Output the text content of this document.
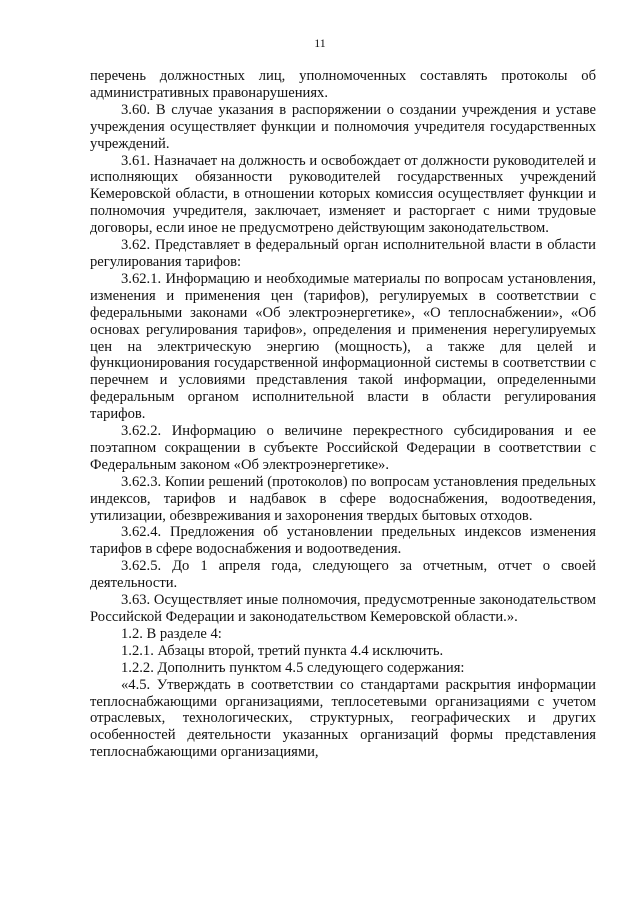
11

перечень должностных лиц, уполномоченных составлять протоколы об административных правонарушениях.

3.60. В случае указания в распоряжении о создании учреждения и уставе учреждения осуществляет функции и полномочия учредителя государственных учреждений.

3.61. Назначает на должность и освобождает от должности руководителей и исполняющих обязанности руководителей государственных учреждений Кемеровской области, в отношении которых комиссия осуществляет функции и полномочия учредителя, заключает, изменяет и расторгает с ними трудовые договоры, если иное не предусмотрено действующим законодательством.

3.62. Представляет в федеральный орган исполнительной власти в области регулирования тарифов:

3.62.1. Информацию и необходимые материалы по вопросам установления, изменения и применения цен (тарифов), регулируемых в соответствии с федеральными законами «Об электроэнергетике», «О теплоснабжении», «Об основах регулирования тарифов», определения и применения нерегулируемых цен на электрическую энергию (мощность), а также для целей и функционирования государственной информационной системы в соответствии с перечнем и условиями представления такой информации, определенными федеральным органом исполнительной власти в области регулирования тарифов.

3.62.2. Информацию о величине перекрестного субсидирования и ее поэтапном сокращении в субъекте Российской Федерации в соответствии с Федеральным законом «Об электроэнергетике».

3.62.3. Копии решений (протоколов) по вопросам установления предельных индексов, тарифов и надбавок в сфере водоснабжения, водоотведения, утилизации, обезвреживания и захоронения твердых бытовых отходов.

3.62.4. Предложения об установлении предельных индексов изменения тарифов в сфере водоснабжения и водоотведения.

3.62.5. До 1 апреля года, следующего за отчетным, отчет о своей деятельности.

3.63. Осуществляет иные полномочия, предусмотренные законодательством Российской Федерации и законодательством Кемеровской области.».

1.2. В разделе 4:

1.2.1. Абзацы второй, третий пункта 4.4 исключить.

1.2.2. Дополнить пунктом 4.5 следующего содержания:

«4.5. Утверждать в соответствии со стандартами раскрытия информации теплоснабжающими организациями, теплосетевыми организациями с учетом отраслевых, технологических, структурных, географических и других особенностей деятельности указанных организаций формы представления теплоснабжающими организациями,
